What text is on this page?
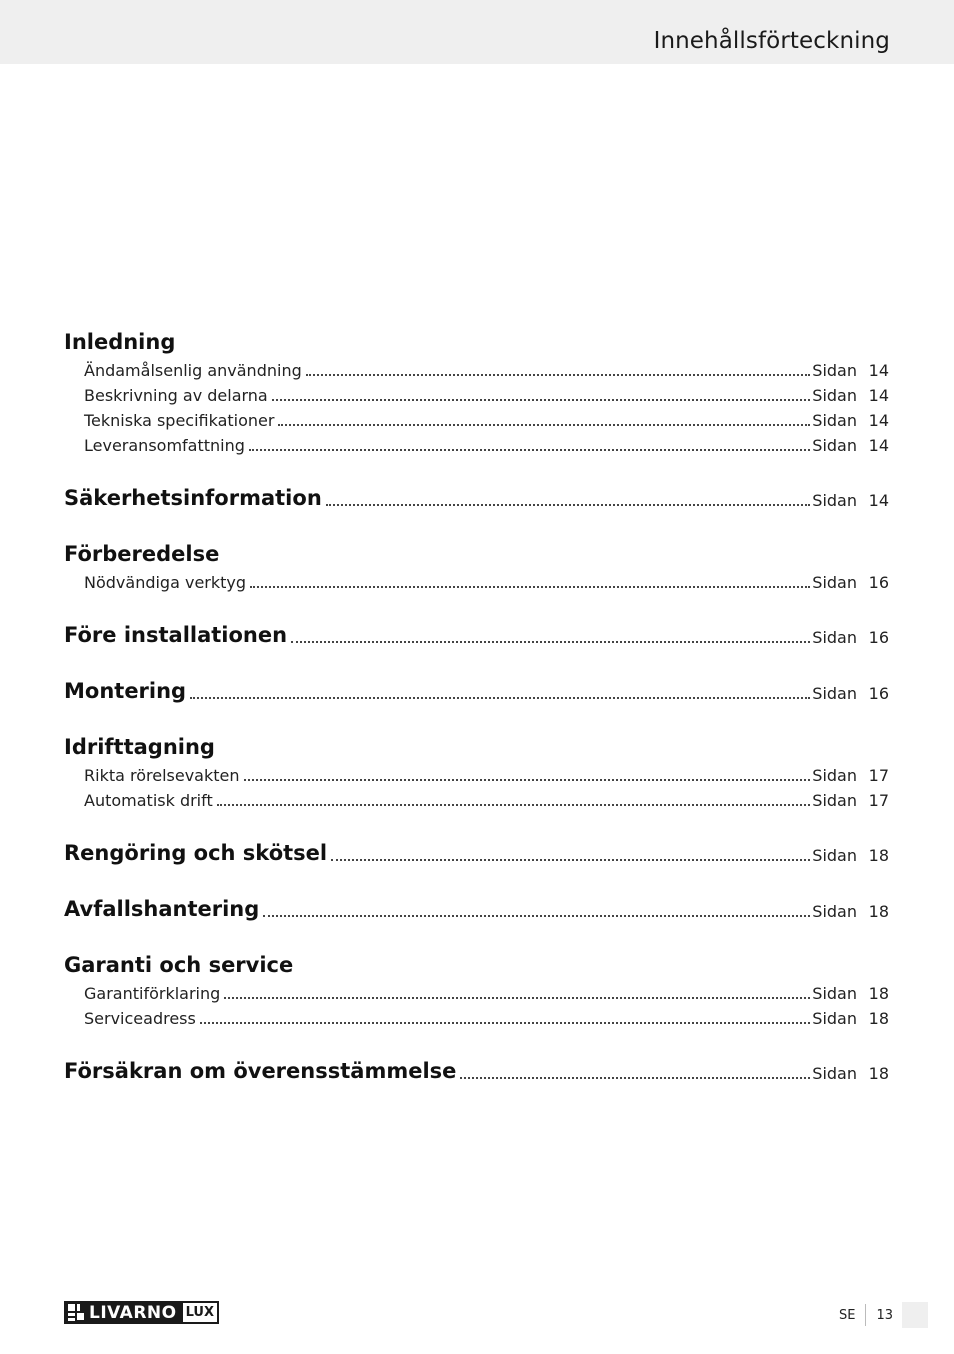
Innehållsförteckning
Inledning
Ändamålsenlig användning	Sidan 14
Beskrivning av delarna	Sidan 14
Tekniska specifikationer	Sidan 14
Leveransomfattning	Sidan 14
Säkerhetsinformation	Sidan 14
Förberedelse
Nödvändiga verktyg	Sidan 16
Före installationen	Sidan 16
Montering	Sidan 16
Idrifttagning
Rikta rörelsevakten	Sidan 17
Automatisk drift	Sidan 17
Rengöring och skötsel	Sidan 18
Avfallshantering	Sidan 18
Garanti och service
Garantiförklaring	Sidan 18
Serviceadress	Sidan 18
Försäkran om överensstämmelse	Sidan 18
LIVARNO LUX	SE	13
